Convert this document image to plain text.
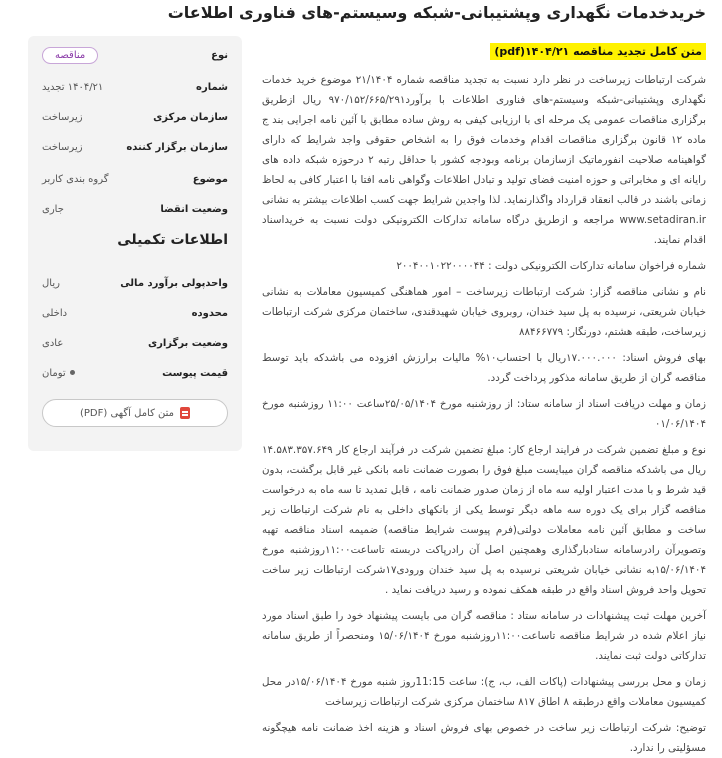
خریدخدمات نگهداری وپشتیبانی-شبکه وسیستم-های فناوری اطلاعات
متن کامل تجدید مناقصه ۱۴۰۴/۲۱(pdf)

شرکت ارتباطات زیرساخت در نظر دارد نسبت به تجدید مناقصه شماره ۲۱/۱۴۰۴ موضوع خرید خدمات نگهداری وپشتیبانی-شبکه وسیستم-های فناوری اطلاعات با برآورد۹۷۰/۱۵۲/۶۶۵/۲۹۱ ریال ازطریق برگزاری مناقصات عمومی یک مرحله ای با ارزیابی کیفی به روش ساده مطابق با آئین نامه اجرایی بند ج ماده ۱۲ قانون برگزاری مناقصات اقدام وخدمات فوق را به اشخاص حقوقی واجد شرایط که دارای گواهینامه صلاحیت انفورماتیک ازسازمان برنامه وبودجه کشور با حداقل رتبه ۲ درحوزه شبکه داده های رایانه ای و مخابراتی و حوزه امنیت فضای تولید و تبادل اطلاعات وگواهی نامه افتا با اعتبار کافی به لحاظ زمانی باشند در قالب انعقاد قرارداد واگذارنماید. لذا واجدین شرایط جهت کسب اطلاعات بیشتر به نشانی www.setadiran.ir مراجعه و ازطریق درگاه سامانه تدارکات الکترونیکی دولت نسبت به خریداسناد اقدام نمایند.

شماره فراخوان سامانه تدارکات الکترونیکی دولت : ۲۰۰۴۰۰۱۰۲۲۰۰۰۰۴۴

نام و نشانی مناقصه گزار: شرکت ارتباطات زیرساخت – امور هماهنگی کمیسیون معاملات به نشانی خیابان شریعتی، نرسیده به پل سید خندان، روبروی خیابان شهیدقندی، ساختمان مرکزی شرکت ارتباطات زیرساخت، طبقه هشتم، دورنگار: ۸۸۴۶۶۷۷۹

بهای فروش اسناد: ۱۷.۰۰۰.۰۰۰ریال با احتساب۱۰% مالیات برارزش افزوده می باشدکه باید توسط مناقصه گران از طریق سامانه مذکور پرداخت گردد.

زمان و مهلت دریافت اسناد از سامانه ستاد: از روزشنبه مورخ ۲۵/۰۵/۱۴۰۴ساعت ۱۱:۰۰ روزشنبه مورخ ۰۱/۰۶/۱۴۰۴

نوع و مبلغ تضمین شرکت در فرایند ارجاع کار: مبلغ تضمین شرکت در فرآیند ارجاع کار ۱۴.۵۸۳.۳۵۷.۶۴۹ ریال می باشدکه مناقصه گران میبایست مبلغ فوق را بصورت ضمانت نامه بانکی غیر قابل برگشت، بدون قید شرط و با مدت اعتبار اولیه سه ماه از زمان صدور ضمانت نامه ، قابل تمدید تا سه ماه به درخواست مناقصه گزار برای یک دوره سه ماهه دیگر توسط یکی از بانکهای داخلی به نام شرکت ارتباطات زیر ساخت و مطابق آئین نامه معاملات دولتی(فرم پیوست شرایط مناقصه) ضمیمه اسناد مناقصه تهیه وتصویرآن رادرسامانه ستادبارگذاری وهمچنین اصل آن رادرپاکت دربسته تاساعت۱۱:۰۰روزشنبه مورخ ۱۵/۰۶/۱۴۰۴به نشانی خیابان شریعتی نرسیده به پل سید خندان ورودی۱۷شرکت ارتباطات زیر ساخت تحویل واحد فروش اسناد واقع در طبقه همکف نموده و رسید دریافت نماید .

آخرین مهلت ثبت پیشنهادات در سامانه ستاد : مناقصه گران می بایست پیشنهاد خود را طبق اسناد مورد نیاز اعلام شده در شرایط مناقصه تاساعت۱۱:۰۰روزشنبه مورخ ۱۵/۰۶/۱۴۰۴ ومنحصراً از طریق سامانه تدارکاتی دولت ثبت نمایند.

زمان و محل بررسی پیشنهادات (پاکات الف، ب، ج): ساعت 11:15روز شنبه مورخ ۱۵/۰۶/۱۴۰۴در محل کمیسیون معاملات واقع درطبقه ۸ اطاق ۸۱۷ ساختمان مرکزی شرکت ارتباطات زیرساخت

توضیح: شرکت ارتباطات زیر ساخت در خصوص بهای فروش اسناد و هزینه اخذ ضمانت نامه هیچگونه مسؤلیتی را ندارد.

نوع
مناقصه
شماره
۱۴۰۴/۲۱ تجدید
سازمان مرکزی
زیرساخت
سازمان برگزار کننده
زیرساخت
موضوع
گروه بندی کاربر
وضعیت انقضا
جاری
اطلاعات تکمیلی
واحدپولی برآورد مالی
ریال
محدوده
داخلی
وضعیت برگزاری
عادی
قیمت پیوست
تومان
متن کامل آگهی (PDF)
